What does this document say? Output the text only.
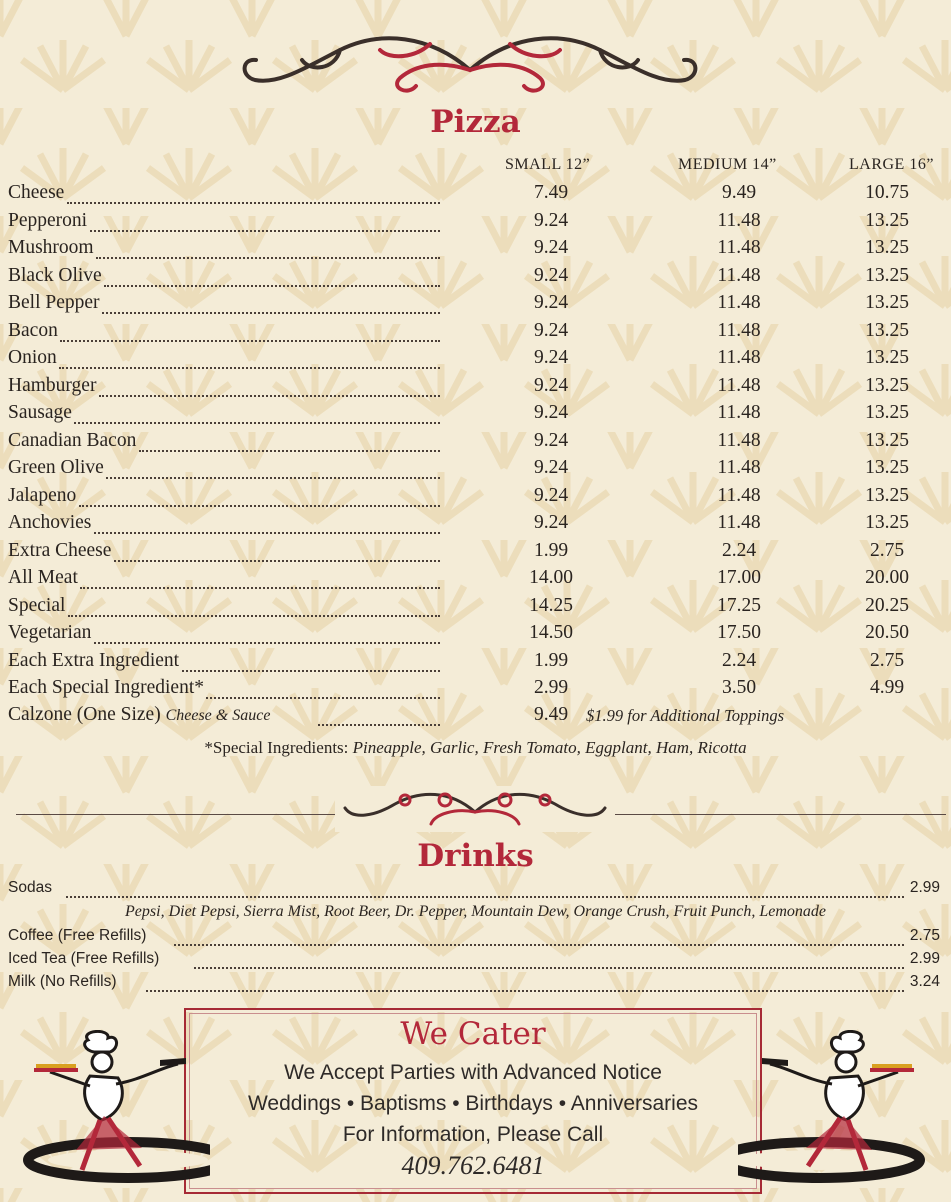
Pizza
SMALL 12”	MEDIUM 14”	LARGE 16”
Cheese	7.49	9.49	10.75
Pepperoni	9.24	11.48	13.25
Mushroom	9.24	11.48	13.25
Black Olive	9.24	11.48	13.25
Bell Pepper	9.24	11.48	13.25
Bacon	9.24	11.48	13.25
Onion	9.24	11.48	13.25
Hamburger	9.24	11.48	13.25
Sausage	9.24	11.48	13.25
Canadian Bacon	9.24	11.48	13.25
Green Olive	9.24	11.48	13.25
Jalapeno	9.24	11.48	13.25
Anchovies	9.24	11.48	13.25
Extra Cheese	1.99	2.24	2.75
All Meat	14.00	17.00	20.00
Special	14.25	17.25	20.25
Vegetarian	14.50	17.50	20.50
Each Extra Ingredient	1.99	2.24	2.75
Each Special Ingredient*	2.99	3.50	4.99
Calzone (One Size) Cheese & Sauce	9.49	$1.99 for Additional Toppings
*Special Ingredients: Pineapple, Garlic, Fresh Tomato, Eggplant, Ham, Ricotta
Drinks
Sodas	2.99
Pepsi, Diet Pepsi, Sierra Mist, Root Beer, Dr. Pepper, Mountain Dew, Orange Crush, Fruit Punch, Lemonade
Coffee (Free Refills)	2.75
Iced Tea (Free Refills)	2.99
Milk (No Refills)	3.24
We Cater
We Accept Parties with Advanced Notice
Weddings • Baptisms • Birthdays • Anniversaries
For Information, Please Call
409.762.6481
